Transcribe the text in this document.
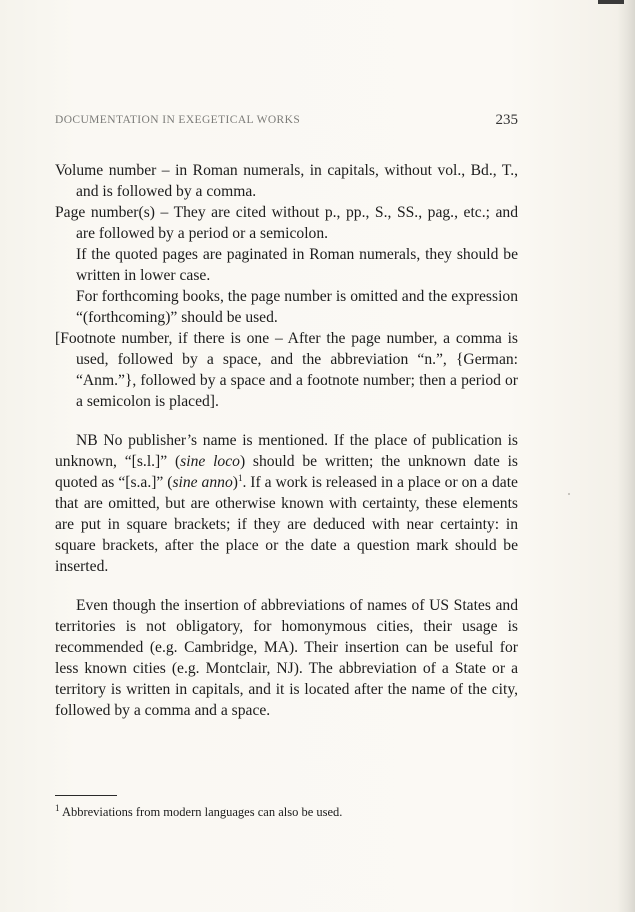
DOCUMENTATION IN EXEGETICAL WORKS	235

Volume number – in Roman numerals, in capitals, without vol., Bd., T., and is followed by a comma.

Page number(s) – They are cited without p., pp., S., SS., pag., etc.; and are followed by a period or a semicolon.

If the quoted pages are paginated in Roman numerals, they should be written in lower case.

For forthcoming books, the page number is omitted and the expression “(forthcoming)” should be used.

[Footnote number, if there is one – After the page number, a comma is used, followed by a space, and the abbreviation “n.”, {German: “Anm.”}, followed by a space and a footnote number; then a period or a semicolon is placed].

NB No publisher’s name is mentioned. If the place of publication is unknown, “[s.l.]” (sine loco) should be written; the unknown date is quoted as “[s.a.]” (sine anno)$^1$. If a work is released in a place or on a date that are omitted, but are otherwise known with certainty, these elements are put in square brackets; if they are deduced with near certainty: in square brackets, after the place or the date a question mark should be inserted.

Even though the insertion of abbreviations of names of US States and territories is not obligatory, for homonymous cities, their usage is recommended (e.g. Cambridge, MA). Their insertion can be useful for less known cities (e.g. Montclair, NJ). The abbreviation of a State or a territory is written in capitals, and it is located after the name of the city, followed by a comma and a space.

$^1$ Abbreviations from modern languages can also be used.
